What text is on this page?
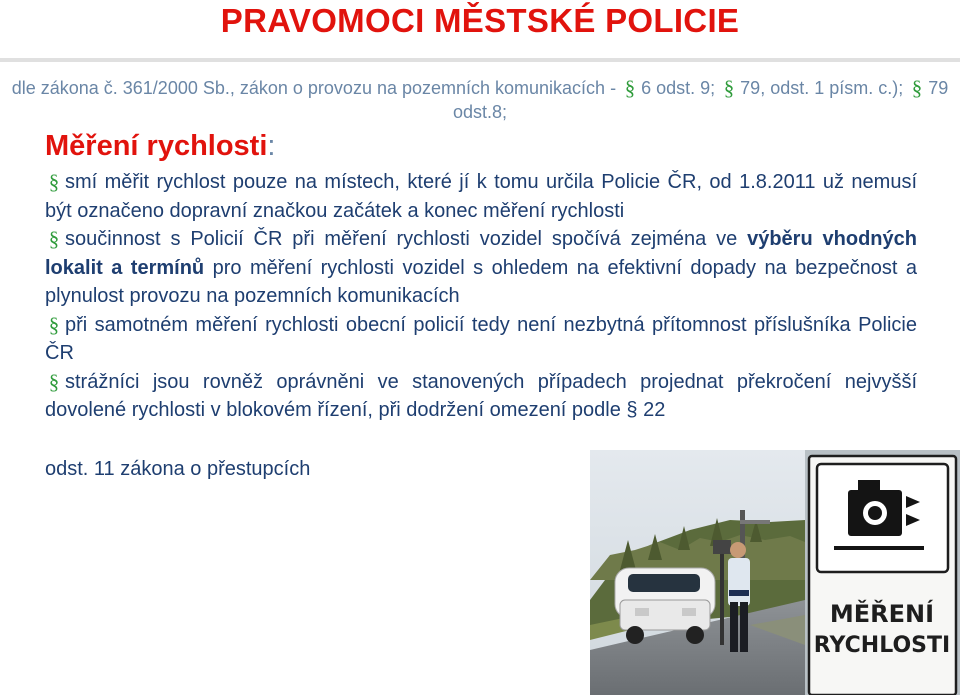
PRAVOMOCI MĚSTSKÉ POLICIE
dle zákona č. 361/2000 Sb., zákon o provozu na pozemních komunikacích - 6 odst. 9; 79, odst. 1 písm. c.); 79 odst.8;
Měření rychlosti:

smí měřit rychlost pouze na místech, které jí k tomu určila Policie ČR, od 1.8.2011 už nemusí být označeno dopravní značkou začátek a konec měření rychlosti

součinnost s Policií ČR při měření rychlosti vozidel spočívá zejména ve výběru vhodných lokalit a termínů pro měření rychlosti vozidel s ohledem na efektivní dopady na bezpečnost a plynulost provozu na pozemních komunikacích

při samotném měření rychlosti obecní policií tedy není nezbytná přítomnost příslušníka Policie ČR

strážníci jsou rovněž oprávněni ve stanovených případech projednat překročení nejvyšší dovolené rychlosti v blokovém řízení, při dodržení omezení podle § 22

odst. 11 zákona o přestupcích
MĚŘENÍ
RYCHLOSTI
